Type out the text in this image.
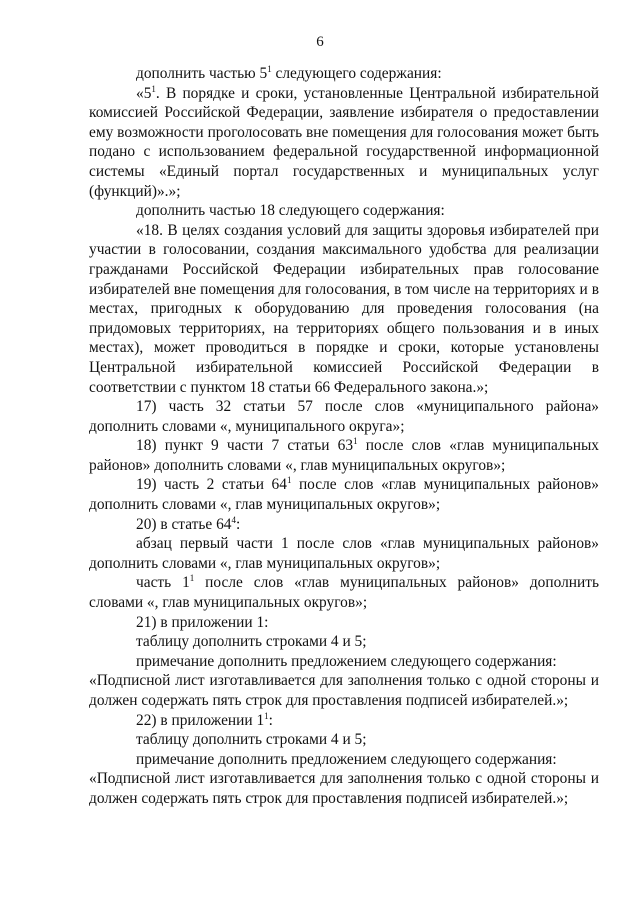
6

дополнить частью $5^1$ следующего содержания:

«$5^1$. В порядке и сроки, установленные Центральной избирательной комиссией Российской Федерации, заявление избирателя о предоставлении ему возможности проголосовать вне помещения для голосования может быть подано с использованием федеральной государственной информационной системы «Единый портал государственных и муниципальных услуг (функций)».»;

дополнить частью 18 следующего содержания:

«18. В целях создания условий для защиты здоровья избирателей при участии в голосовании, создания максимального удобства для реализации гражданами Российской Федерации избирательных прав голосование избирателей вне помещения для голосования, в том числе на территориях и в местах, пригодных к оборудованию для проведения голосования (на придомовых территориях, на территориях общего пользования и в иных местах), может проводиться в порядке и сроки, которые установлены Центральной избирательной комиссией Российской Федерации в соответствии с пунктом 18 статьи 66 Федерального закона.»;

17) часть 32 статьи 57 после слов «муниципального района» дополнить словами «, муниципального округа»;

18) пункт 9 части 7 статьи $63^1$ после слов «глав муниципальных районов» дополнить словами «, глав муниципальных округов»;

19) часть 2 статьи $64^1$ после слов «глав муниципальных районов» дополнить словами «, глав муниципальных округов»;

20) в статье $64^4$:

абзац первый части 1 после слов «глав муниципальных районов» дополнить словами «, глав муниципальных округов»;

часть $1^1$ после слов «глав муниципальных районов» дополнить словами «, глав муниципальных округов»;

21) в приложении 1:

таблицу дополнить строками 4 и 5;

примечание дополнить предложением следующего содержания:

«Подписной лист изготавливается для заполнения только с одной стороны и должен содержать пять строк для проставления подписей избирателей.»;

22) в приложении $1^1$:

таблицу дополнить строками 4 и 5;

примечание дополнить предложением следующего содержания:

«Подписной лист изготавливается для заполнения только с одной стороны и должен содержать пять строк для проставления подписей избирателей.»;
